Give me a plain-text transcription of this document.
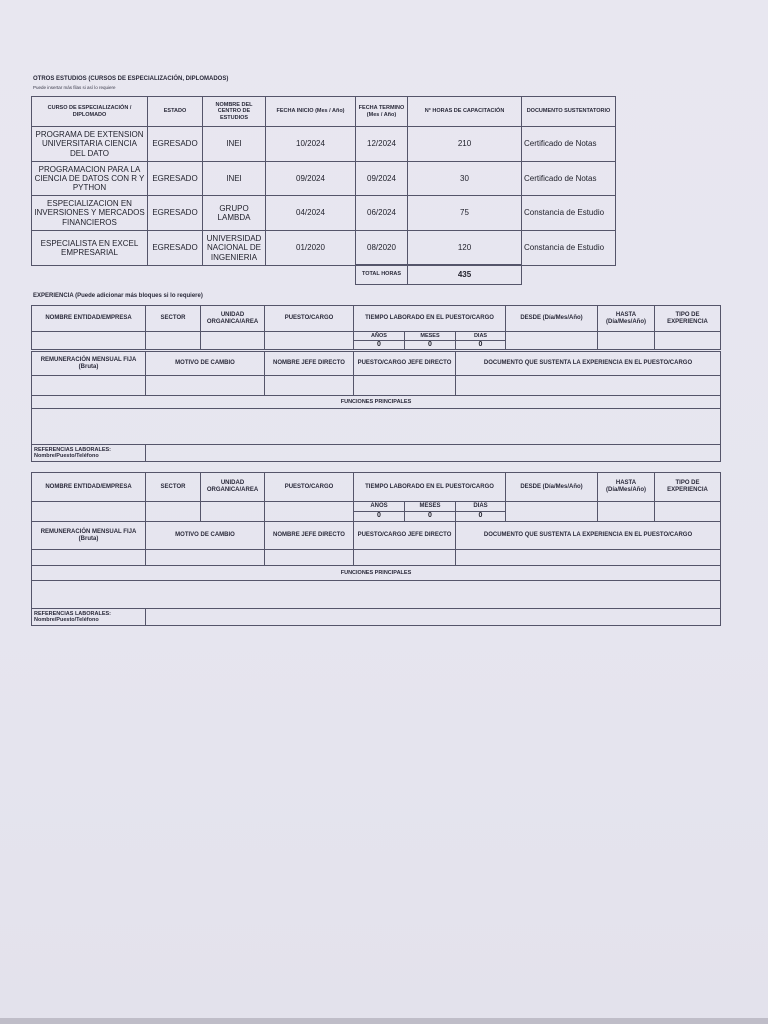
OTROS ESTUDIOS (CURSOS DE ESPECIALIZACIÓN, DIPLOMADOS)
Puede insertar más filas si así lo requiere
CURSO DE ESPECIALIZACIÓN / DIPLOMADO	ESTADO	NOMBRE DEL CENTRO DE ESTUDIOS	FECHA INICIO (Mes / Año)	FECHA TERMINO (Mes / Año)	N° HORAS DE CAPACITACIÓN	DOCUMENTO SUSTENTATORIO
PROGRAMA DE EXTENSION UNIVERSITARIA CIENCIA DEL DATO	EGRESADO	INEI	10/2024	12/2024	210	Certificado de Notas
PROGRAMACION PARA LA CIENCIA DE DATOS CON R Y PYTHON	EGRESADO	INEI	09/2024	09/2024	30	Certificado de Notas
ESPECIALIZACION EN INVERSIONES Y MERCADOS FINANCIEROS	EGRESADO	GRUPO LAMBDA	04/2024	06/2024	75	Constancia de Estudio
ESPECIALISTA EN EXCEL EMPRESARIAL	EGRESADO	UNIVERSIDAD NACIONAL DE INGENIERIA	01/2020	08/2020	120	Constancia de Estudio
TOTAL HORAS	435
EXPERIENCIA (Puede adicionar más bloques si lo requiere)
NOMBRE ENTIDAD/EMPRESA	SECTOR	UNIDAD ORGANICA/AREA	PUESTO/CARGO	TIEMPO LABORADO EN EL PUESTO/CARGO			DESDE (Día/Mes/Año)	HASTA (Día/Mes/Año)	TIPO DE EXPERIENCIA
				AÑOS	MESES	DIAS			
				0	0	0			
REMUNERACIÓN MENSUAL FIJA (Bruta)	MOTIVO DE CAMBIO	NOMBRE JEFE DIRECTO	PUESTO/CARGO JEFE DIRECTO	DOCUMENTO QUE SUSTENTA LA EXPERIENCIA EN EL PUESTO/CARGO

FUNCIONES PRINCIPALES				

REFERENCIAS LABORALES: Nombre/Puesto/Teléfono				
NOMBRE ENTIDAD/EMPRESA	SECTOR	UNIDAD ORGANICA/AREA	PUESTO/CARGO	TIEMPO LABORADO EN EL PUESTO/CARGO			DESDE (Día/Mes/Año)	HASTA (Día/Mes/Año)	TIPO DE EXPERIENCIA
				AÑOS	MESES	DIAS			
				0	0	0			
REMUNERACIÓN MENSUAL FIJA (Bruta)	MOTIVO DE CAMBIO	NOMBRE JEFE DIRECTO	PUESTO/CARGO JEFE DIRECTO	DOCUMENTO QUE SUSTENTA LA EXPERIENCIA EN EL PUESTO/CARGO

FUNCIONES PRINCIPALES				

REFERENCIAS LABORALES: Nombre/Puesto/Teléfono				
